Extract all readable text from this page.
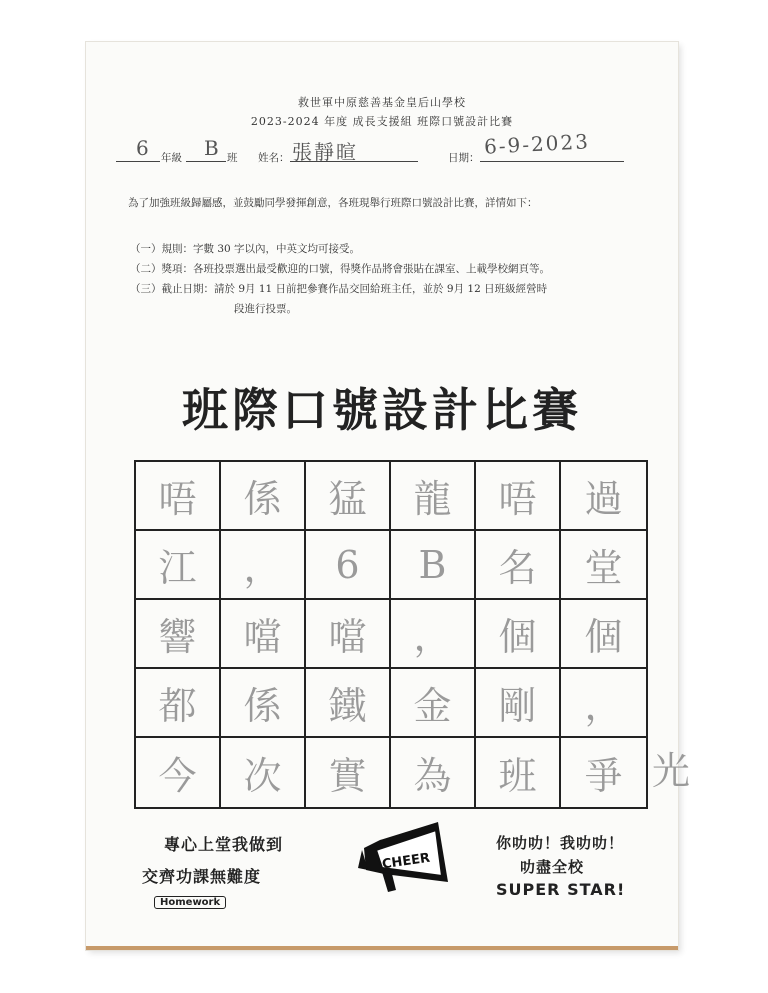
救世軍中原慈善基金皇后山學校
2023-2024 年度 成長支援組 班際口號設計比賽
6 年級 B 班 姓名： 張靜暄	日期： 6-9-2023
為了加強班級歸屬感，並鼓勵同學發揮創意，各班現舉行班際口號設計比賽，詳情如下：
（一）規則：字數 30 字以內，中英文均可接受。
（二）獎項：各班投票選出最受歡迎的口號，得獎作品將會張貼在課室、上載學校網頁等。
（三）截止日期：請於 9月 11 日前把參賽作品交回給班主任，並於 9月 12 日班級經營時
段進行投票。
班際口號設計比賽
唔	係	猛	龍	唔	過
江	，	6	B	名	堂
響	噹	噹	，	個	個
都	係	鐵	金	剛	，
今	次	實	為	班	爭 光
專心上堂我做到
交齊功課無難度
Homework
CHEER
你叻叻！我叻叻！
叻盡全校
SUPER STAR!
